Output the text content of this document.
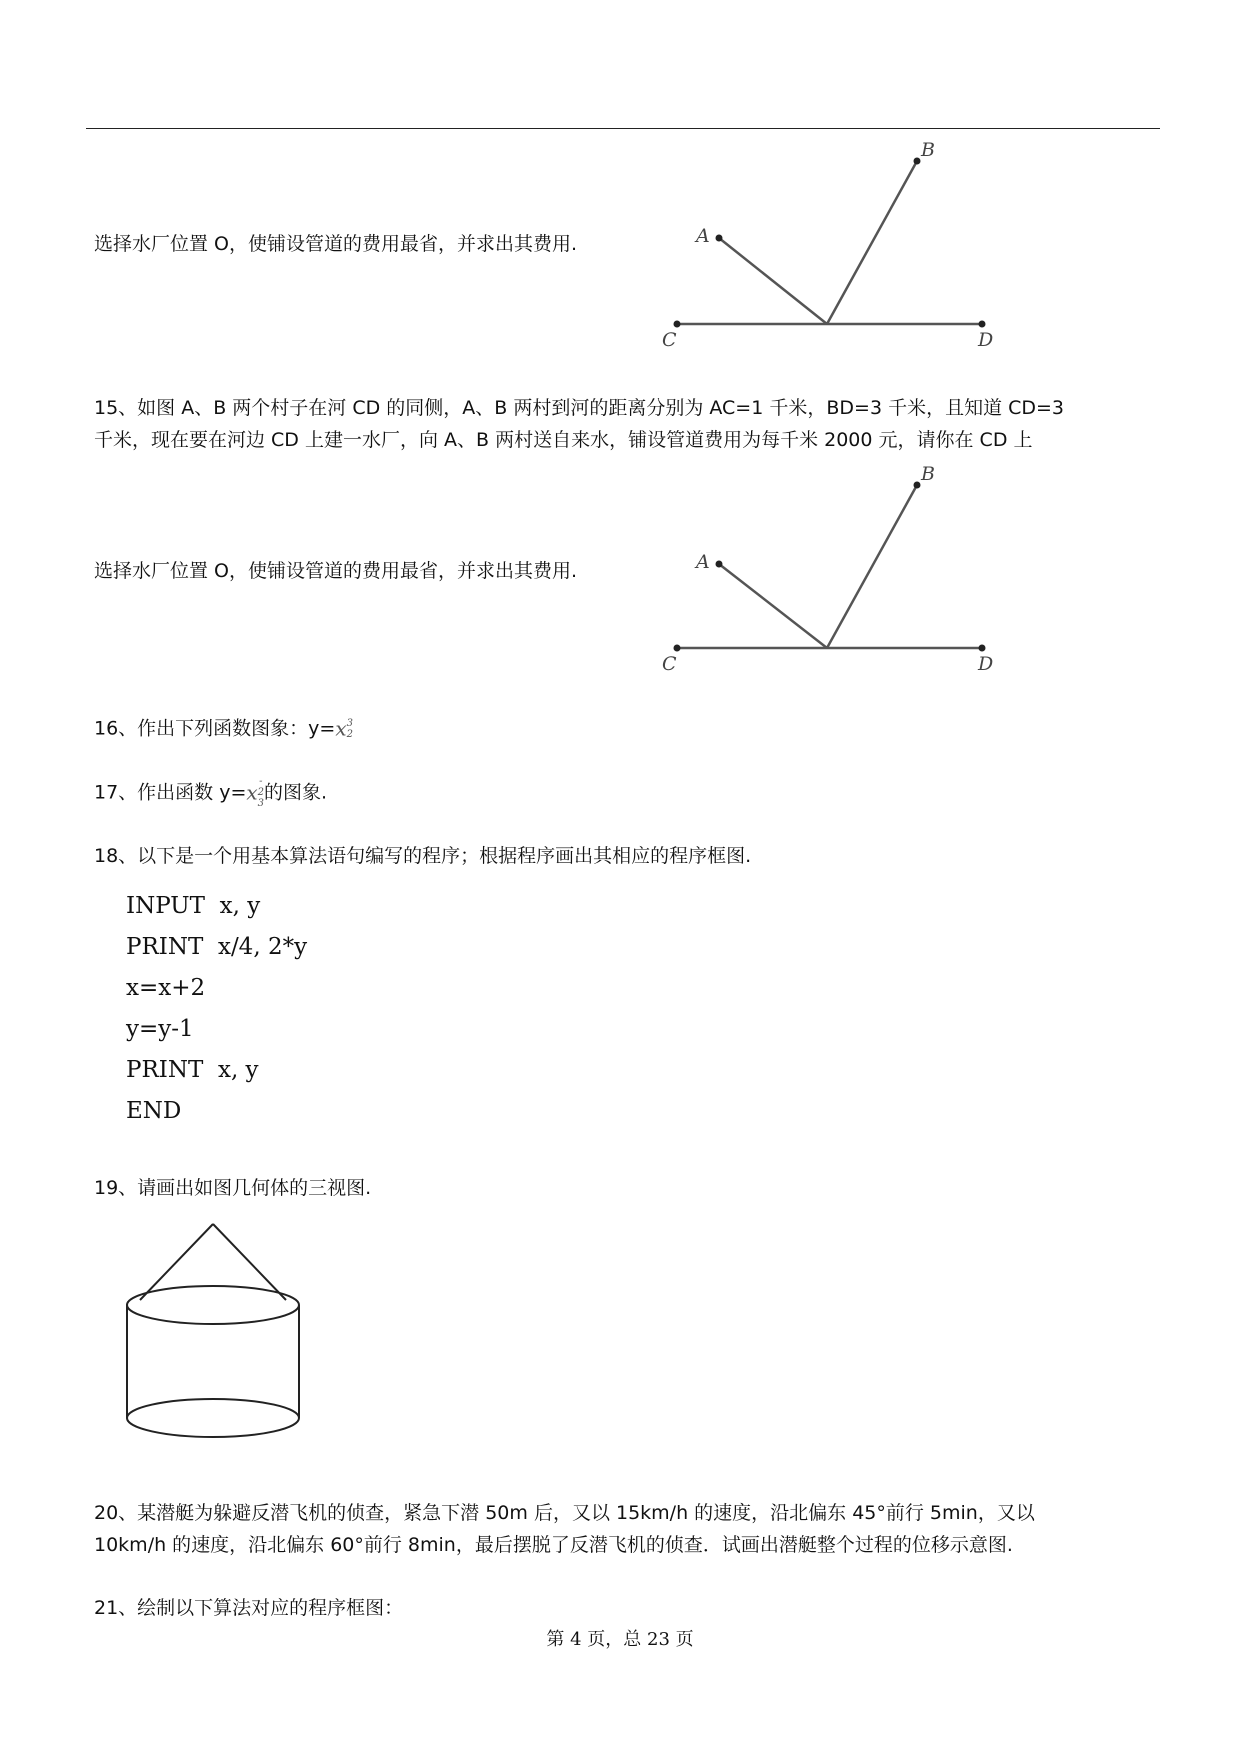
选择水厂位置 O，使铺设管道的费用最省，并求出其费用.	A
B
C	D
15、如图 A、B 两个村子在河 CD 的同侧，A、B 两村到河的距离分别为 AC=1 千米，BD=3 千米，且知道 CD=3
千米，现在要在河边 CD 上建一水厂，向 A、B 两村送自来水，铺设管道费用为每千米 2000 元，请你在 CD 上
选择水厂位置 O，使铺设管道的费用最省，并求出其费用.	A
B
C	D
16、作出下列函数图象：y=x 3
2
17、作出函数 y=x -
2
3
的图象.
18、以下是一个用基本算法语句编写的程序；根据程序画出其相应的程序框图.
INPUT  x, y
PRINT  x/4, 2*y
x=x+2
y=y-1
PRINT  x, y
END
19、请画出如图几何体的三视图.
20、某潜艇为躲避反潜飞机的侦查，紧急下潜 50m 后，又以 15km/h 的速度，沿北偏东 45°前行 5min，又以
10km/h 的速度，沿北偏东 60°前行 8min，最后摆脱了反潜飞机的侦查．试画出潜艇整个过程的位移示意图.
21、绘制以下算法对应的程序框图：
第 4 页，总 23 页
